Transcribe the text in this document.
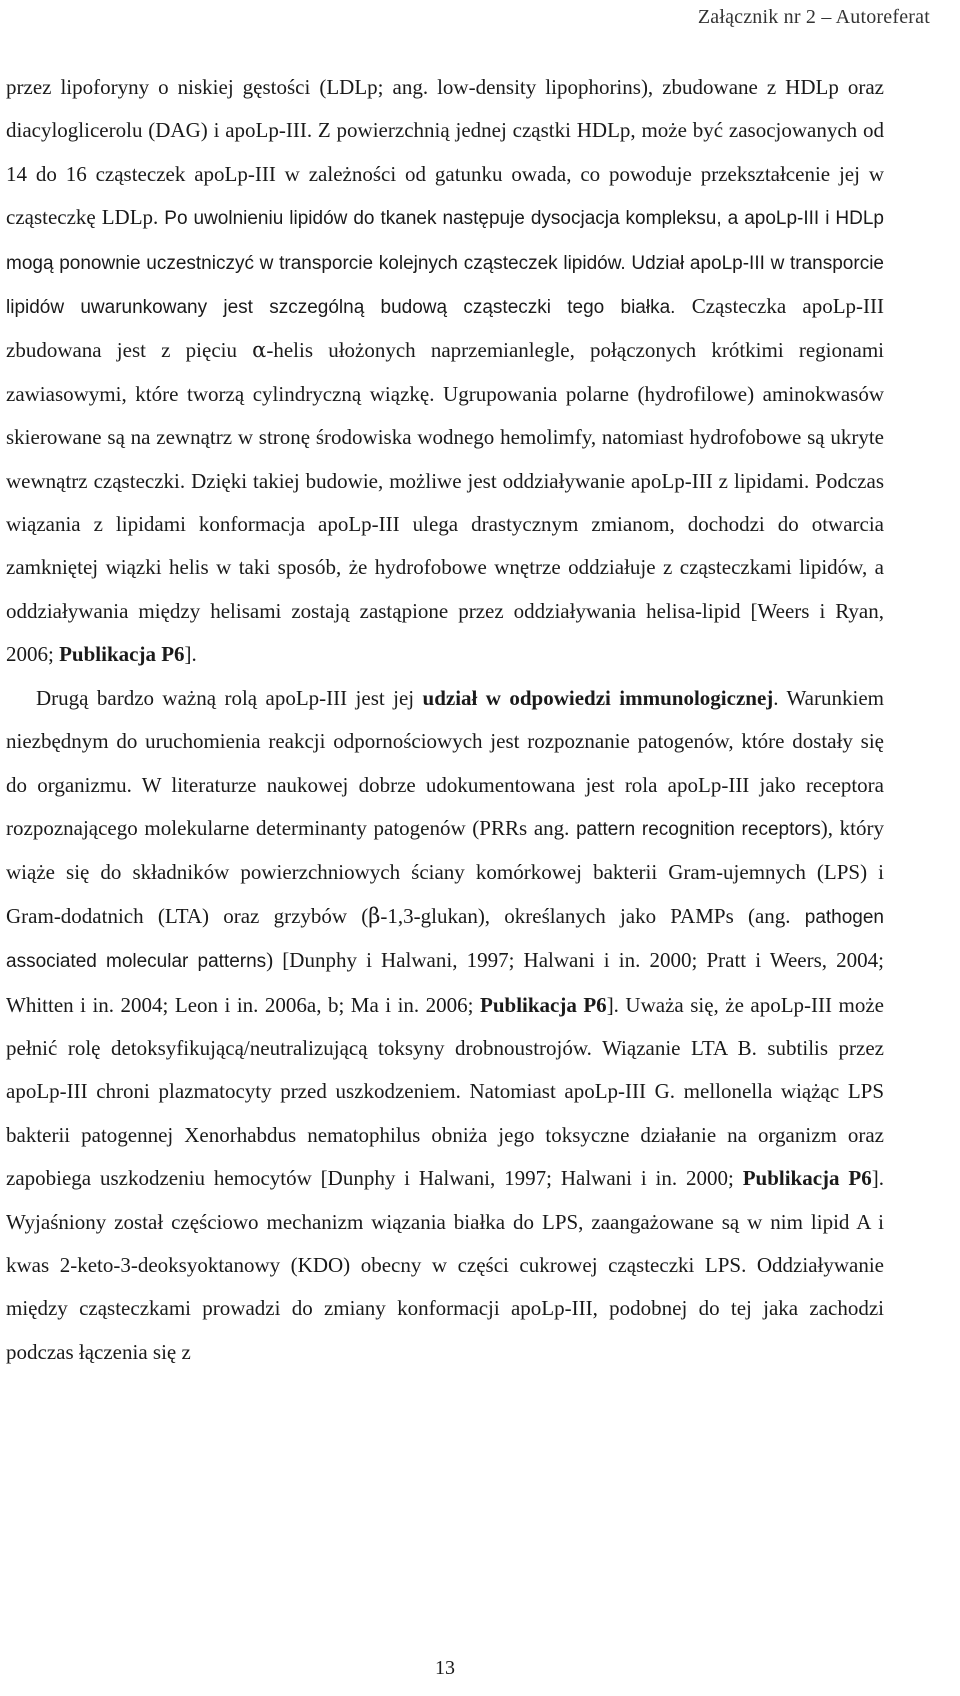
Załącznik nr 2 – Autoreferat

przez lipoforyny o niskiej gęstości (LDLp; ang. low-density lipophorins), zbudowane z HDLp oraz diacyloglicerolu (DAG) i apoLp-III. Z powierzchnią jednej cząstki HDLp, może być zasocjowanych od 14 do 16 cząsteczek apoLp-III w zależności od gatunku owada, co powoduje przekształcenie jej w cząsteczkę LDLp. Po uwolnieniu lipidów do tkanek następuje dysocjacja kompleksu, a apoLp-III i HDLp mogą ponownie uczestniczyć w transporcie kolejnych cząsteczek lipidów. Udział apoLp-III w transporcie lipidów uwarunkowany jest szczególną budową cząsteczki tego białka. Cząsteczka apoLp-III zbudowana jest z pięciu α-helis ułożonych naprzemianlegle, połączonych krótkimi regionami zawiasowymi, które tworzą cylindryczną wiązkę. Ugrupowania polarne (hydrofilowe) aminokwasów skierowane są na zewnątrz w stronę środowiska wodnego hemolimfy, natomiast hydrofobowe są ukryte wewnątrz cząsteczki. Dzięki takiej budowie, możliwe jest oddziaływanie apoLp-III z lipidami. Podczas wiązania z lipidami konformacja apoLp-III ulega drastycznym zmianom, dochodzi do otwarcia zamkniętej wiązki helis w taki sposób, że hydrofobowe wnętrze oddziałuje z cząsteczkami lipidów, a oddziaływania między helisami zostają zastąpione przez oddziaływania helisa-lipid [Weers i Ryan, 2006; Publikacja P6].

Drugą bardzo ważną rolą apoLp-III jest jej udział w odpowiedzi immunologicznej. Warunkiem niezbędnym do uruchomienia reakcji odpornościowych jest rozpoznanie patogenów, które dostały się do organizmu. W literaturze naukowej dobrze udokumentowana jest rola apoLp-III jako receptora rozpoznającego molekularne determinanty patogenów (PRRs ang. pattern recognition receptors), który wiąże się do składników powierzchniowych ściany komórkowej bakterii Gram-ujemnych (LPS) i Gram-dodatnich (LTA) oraz grzybów (β-1,3-glukan), określanych jako PAMPs (ang. pathogen associated molecular patterns) [Dunphy i Halwani, 1997; Halwani i in. 2000; Pratt i Weers, 2004; Whitten i in. 2004; Leon i in. 2006a, b; Ma i in. 2006; Publikacja P6]. Uważa się, że apoLp-III może pełnić rolę detoksyfikującą/neutralizującą toksyny drobnoustrojów. Wiązanie LTA B. subtilis przez apoLp-III chroni plazmatocyty przed uszkodzeniem. Natomiast apoLp-III G. mellonella wiążąc LPS bakterii patogennej Xenorhabdus nematophilus obniża jego toksyczne działanie na organizm oraz zapobiega uszkodzeniu hemocytów [Dunphy i Halwani, 1997; Halwani i in. 2000; Publikacja P6]. Wyjaśniony został częściowo mechanizm wiązania białka do LPS, zaangażowane są w nim lipid A i kwas 2-keto-3-deoksyoktanowy (KDO) obecny w części cukrowej cząsteczki LPS. Oddziaływanie między cząsteczkami prowadzi do zmiany konformacji apoLp-III, podobnej do tej jaka zachodzi podczas łączenia się z

13
